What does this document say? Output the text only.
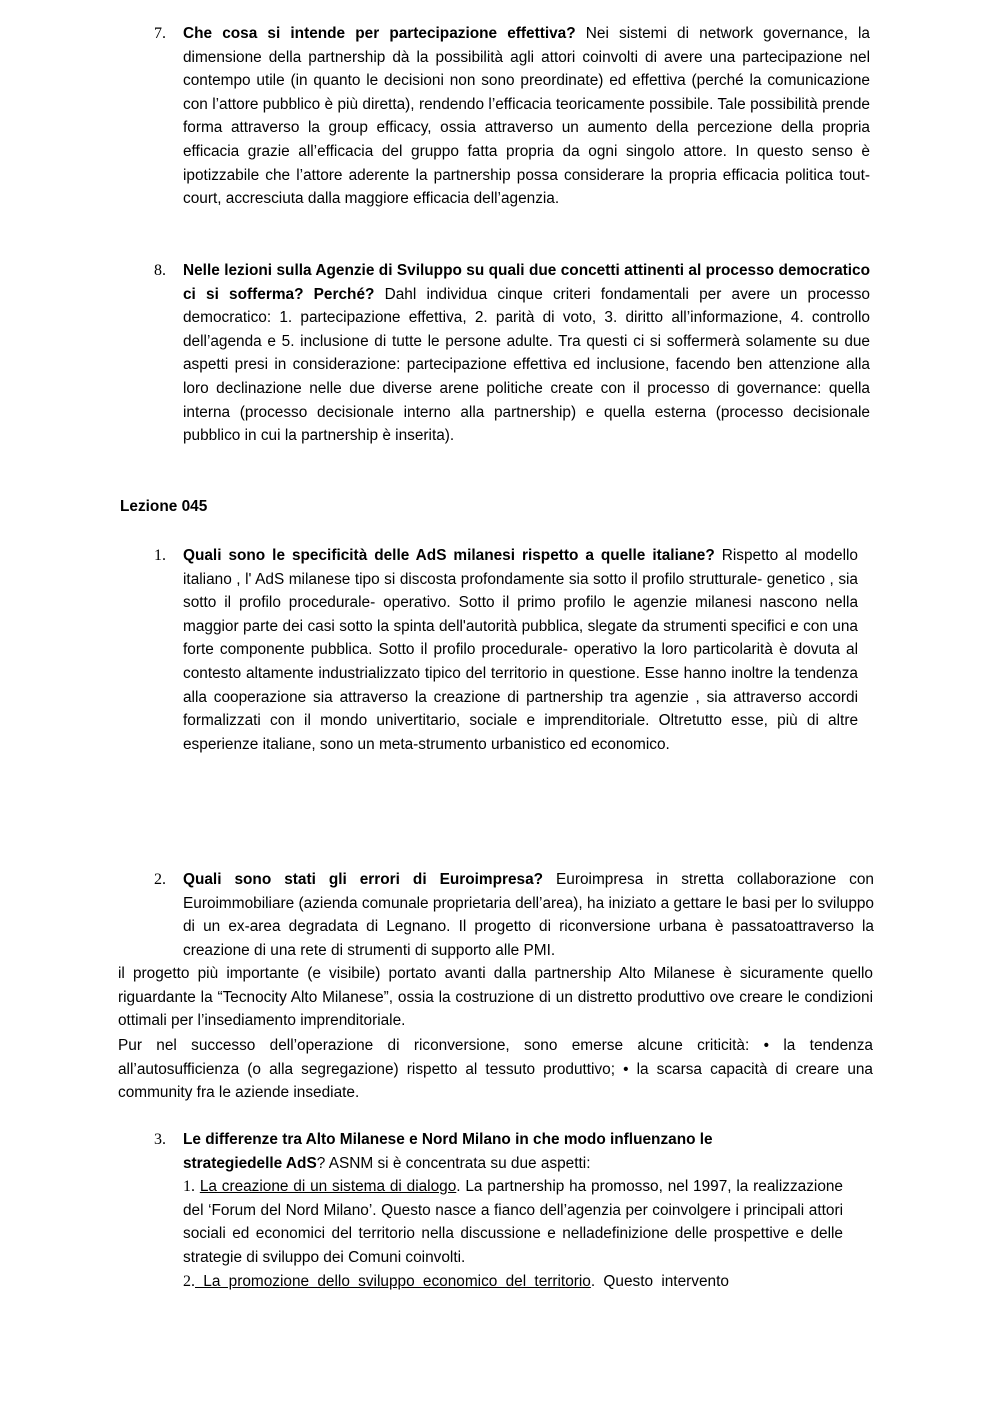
7.	Che cosa si intende per partecipazione effettiva? Nei sistemi di network governance, la dimensione della partnership dà la possibilità agli attori coinvolti di avere una partecipazione nel contempo utile (in quanto le decisioni non sono preordinate) ed effettiva (perché la comunicazione con l’attore pubblico è più diretta), rendendo l’efficacia teoricamente possibile. Tale possibilità prende forma attraverso la group efficacy, ossia attraverso un aumento della percezione della propria efficacia grazie all’efficacia del gruppo fatta propria da ogni singolo attore. In questo senso è ipotizzabile che l’attore aderente la partnership possa considerare la propria efficacia politica tout-court, accresciuta dalla maggiore efficacia dell’agenzia.
8.	Nelle lezioni sulla Agenzie di Sviluppo su quali due concetti attinenti al processo democratico ci si sofferma? Perché? Dahl individua cinque criteri fondamentali per avere un processo democratico: 1. partecipazione effettiva, 2. parità di voto, 3. diritto all’informazione, 4. controllo dell’agenda e 5. inclusione di tutte le persone adulte. Tra questi ci si soffermerà solamente su due aspetti presi in considerazione: partecipazione effettiva ed inclusione, facendo ben attenzione alla loro declinazione nelle due diverse arene politiche create con il processo di governance: quella interna (processo decisionale interno alla partnership) e quella esterna (processo decisionale pubblico in cui la partnership è inserita).
Lezione 045
1.	Quali sono le specificità delle AdS milanesi rispetto a quelle italiane? Rispetto al modello italiano , l' AdS milanese tipo si discosta profondamente sia sotto il profilo strutturale- genetico , sia sotto il profilo procedurale- operativo. Sotto il primo profilo le agenzie milanesi nascono nella maggior parte dei casi sotto la spinta dell'autorità pubblica, slegate da strumenti specifici e con una forte componente pubblica. Sotto il profilo procedurale- operativo la loro particolarità è dovuta al contesto altamente industrializzato tipico del territorio in questione. Esse hanno inoltre la tendenza alla cooperazione sia attraverso la creazione di partnership tra agenzie , sia attraverso accordi formalizzati con il mondo univertitario, sociale e imprenditoriale. Oltretutto esse, più di altre esperienze italiane, sono un meta-strumento urbanistico ed economico.
2.	Quali sono stati gli errori di Euroimpresa? Euroimpresa in stretta collaborazione con Euroimmobiliare (azienda comunale proprietaria dell’area), ha iniziato a gettare le basi per lo sviluppo di un ex-area degradata di Legnano. Il progetto di riconversione urbana è passatoattraverso la creazione di una rete di strumenti di supporto alle PMI.
il progetto più importante (e visibile) portato avanti dalla partnership Alto Milanese è sicuramente quello riguardante la “Tecnocity Alto Milanese”, ossia la costruzione di un distretto produttivo ove creare le condizioni ottimali per l’insediamento imprenditoriale.
Pur nel successo dell’operazione di riconversione, sono emerse alcune criticità: • la tendenza all’autosufficienza (o alla segregazione) rispetto al tessuto produttivo; • la scarsa capacità di creare una community fra le aziende insediate.
3.	Le differenze tra Alto Milanese e Nord Milano in che modo influenzano le
strategiedelle AdS? ASNM si è concentrata su due aspetti:
1. La creazione di un sistema di dialogo. La partnership ha promosso, nel 1997, la realizzazione del ‘Forum del Nord Milano’. Questo nasce a fianco dell’agenzia per coinvolgere i principali attori sociali ed economici del territorio nella discussione e nelladefinizione delle prospettive e delle strategie di sviluppo dei Comuni coinvolti.
2. La promozione dello sviluppo economico del territorio. Questo intervento
